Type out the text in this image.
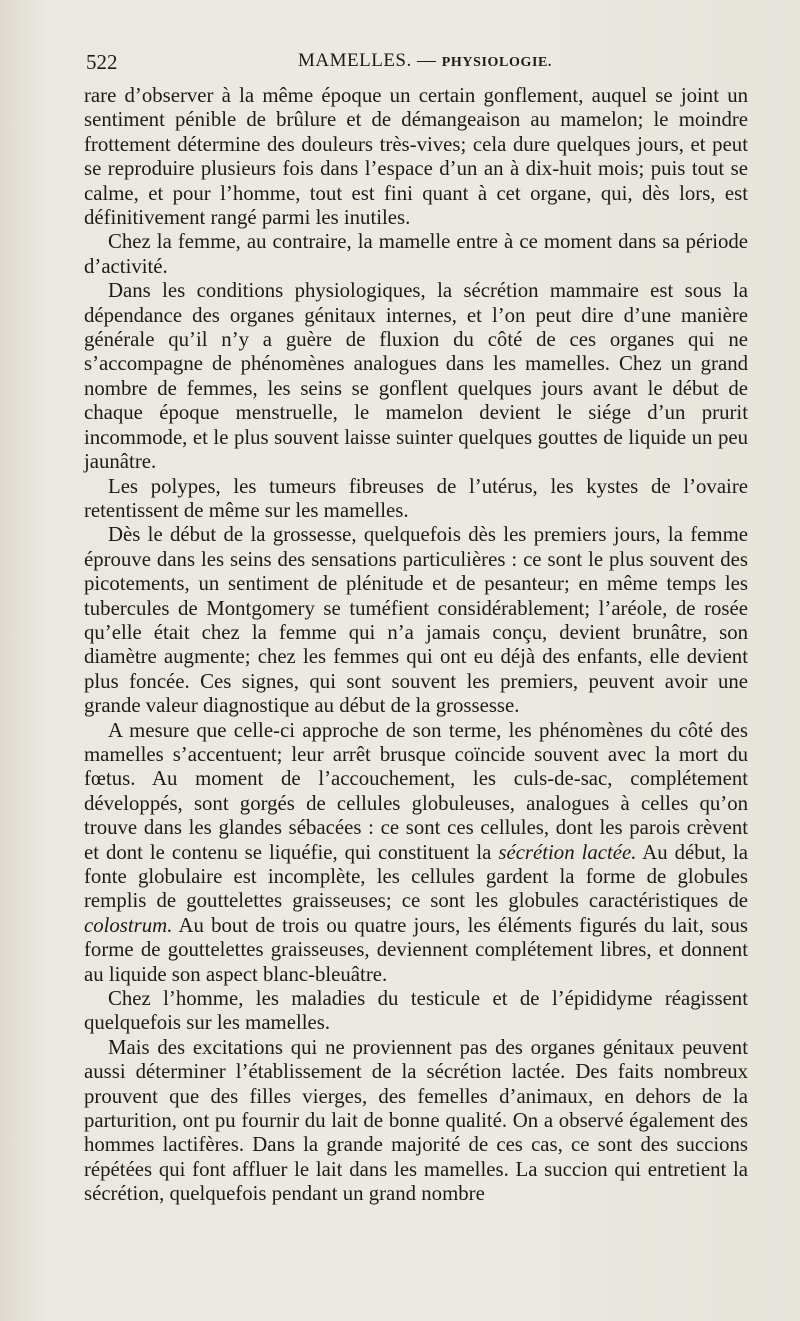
522	MAMELLES. — PHYSIOLOGIE.

rare d’observer à la même époque un certain gonflement, auquel se joint un sentiment pénible de brûlure et de démangeaison au mamelon; le moindre frottement détermine des douleurs très-vives; cela dure quelques jours, et peut se reproduire plusieurs fois dans l’espace d’un an à dix-huit mois; puis tout se calme, et pour l’homme, tout est fini quant à cet organe, qui, dès lors, est définitivement rangé parmi les inutiles.

Chez la femme, au contraire, la mamelle entre à ce moment dans sa période d’activité.

Dans les conditions physiologiques, la sécrétion mammaire est sous la dépendance des organes génitaux internes, et l’on peut dire d’une manière générale qu’il n’y a guère de fluxion du côté de ces organes qui ne s’accompagne de phénomènes analogues dans les mamelles. Chez un grand nombre de femmes, les seins se gonflent quelques jours avant le début de chaque époque menstruelle, le mamelon devient le siége d’un prurit incommode, et le plus souvent laisse suinter quelques gouttes de liquide un peu jaunâtre.

Les polypes, les tumeurs fibreuses de l’utérus, les kystes de l’ovaire retentissent de même sur les mamelles.

Dès le début de la grossesse, quelquefois dès les premiers jours, la femme éprouve dans les seins des sensations particulières : ce sont le plus souvent des picotements, un sentiment de plénitude et de pesanteur; en même temps les tubercules de Montgomery se tuméfient considérablement; l’aréole, de rosée qu’elle était chez la femme qui n’a jamais conçu, devient brunâtre, son diamètre augmente; chez les femmes qui ont eu déjà des enfants, elle devient plus foncée. Ces signes, qui sont souvent les premiers, peuvent avoir une grande valeur diagnostique au début de la grossesse.

A mesure que celle-ci approche de son terme, les phénomènes du côté des mamelles s’accentuent; leur arrêt brusque coïncide souvent avec la mort du fœtus. Au moment de l’accouchement, les culs-de-sac, complétement développés, sont gorgés de cellules globuleuses, analogues à celles qu’on trouve dans les glandes sébacées : ce sont ces cellules, dont les parois crèvent et dont le contenu se liquéfie, qui constituent la sécrétion lactée. Au début, la fonte globulaire est incomplète, les cellules gardent la forme de globules remplis de gouttelettes graisseuses; ce sont les globules caractéristiques de colostrum. Au bout de trois ou quatre jours, les éléments figurés du lait, sous forme de gouttelettes graisseuses, deviennent complétement libres, et donnent au liquide son aspect blanc-bleuâtre.

Chez l’homme, les maladies du testicule et de l’épididyme réagissent quelquefois sur les mamelles.

Mais des excitations qui ne proviennent pas des organes génitaux peuvent aussi déterminer l’établissement de la sécrétion lactée. Des faits nombreux prouvent que des filles vierges, des femelles d’animaux, en dehors de la parturition, ont pu fournir du lait de bonne qualité. On a observé également des hommes lactifères. Dans la grande majorité de ces cas, ce sont des succions répétées qui font affluer le lait dans les mamelles. La succion qui entretient la sécrétion, quelquefois pendant un grand nombre
